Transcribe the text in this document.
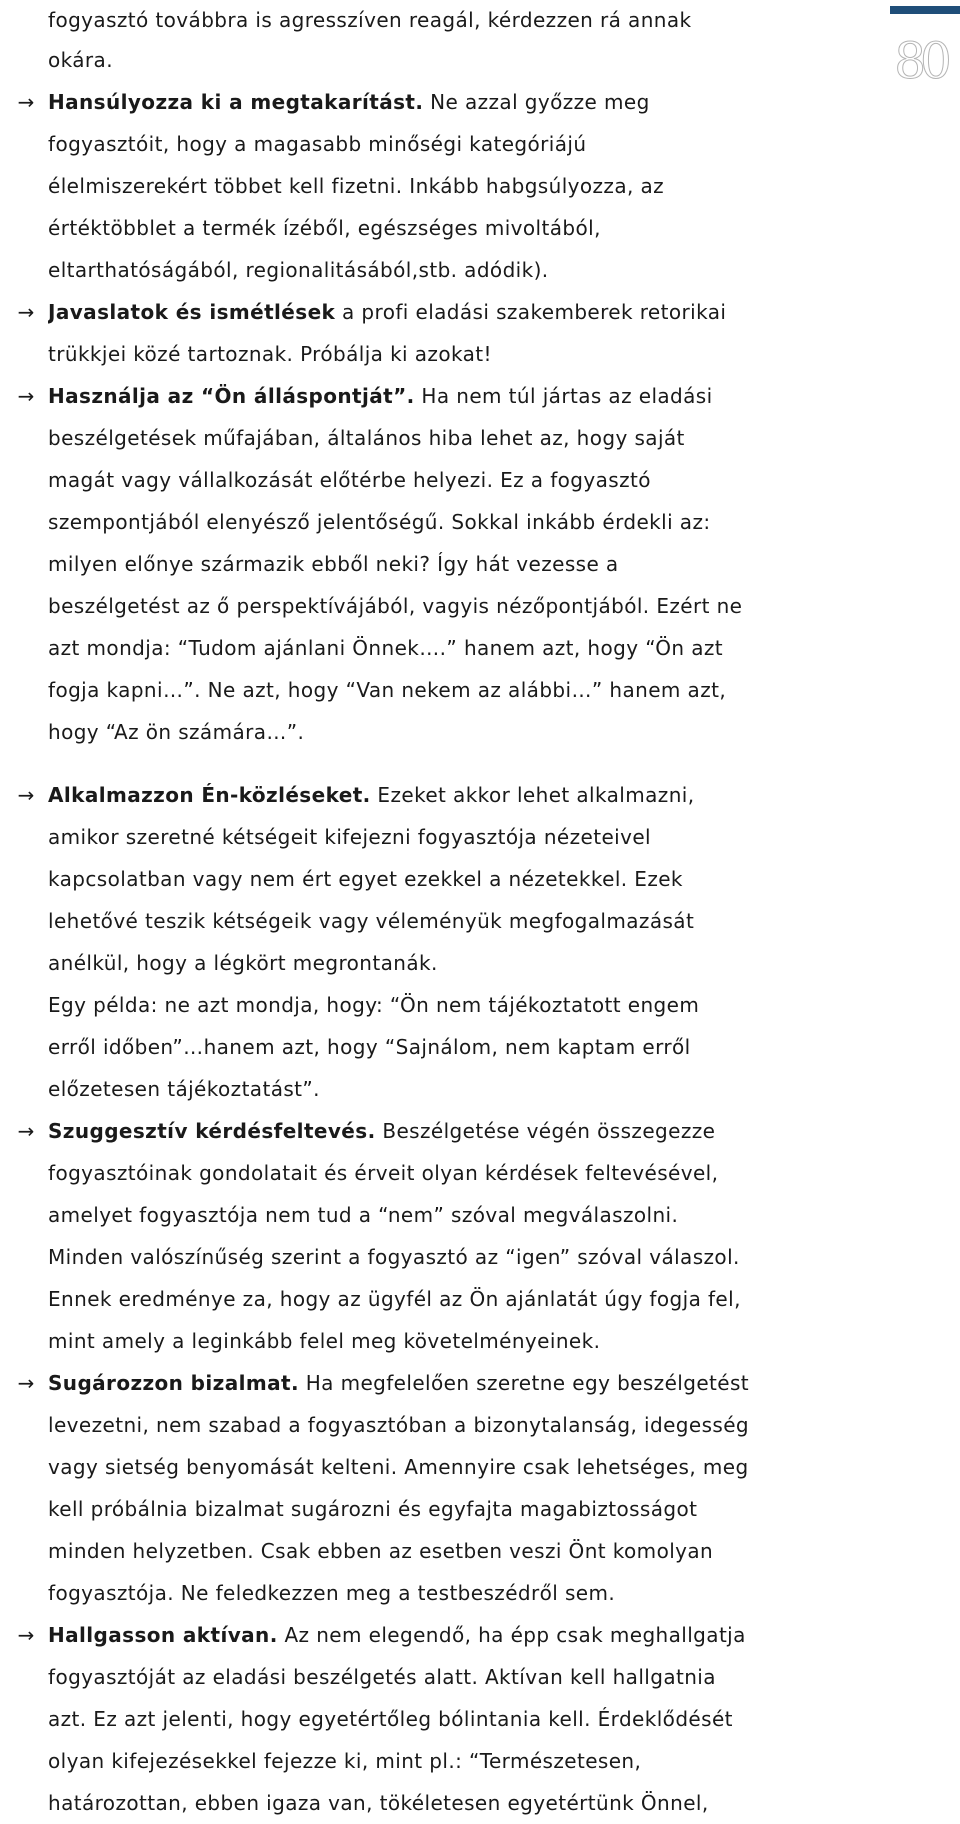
80
fogyasztó továbbra is agresszíven reagál, kérdezzen rá annak
okára.
→ Hansúlyozza ki a megtakarítást. Ne azzal győzze meg
fogyasztóit, hogy a magasabb minőségi kategóriájú
élelmiszerekért többet kell fizetni. Inkább habgsúlyozza, az
értéktöbblet a termék ízéből, egészséges mivoltából,
eltarthatóságából, regionalitásából,stb. adódik).
→ Javaslatok és ismétlések a profi eladási szakemberek retorikai
trükkjei közé tartoznak. Próbálja ki azokat!
→ Használja az “Ön álláspontját”. Ha nem túl jártas az eladási
beszélgetések műfajában, általános hiba lehet az, hogy saját
magát vagy vállalkozását előtérbe helyezi. Ez a fogyasztó
szempontjából elenyésző jelentőségű. Sokkal inkább érdekli az:
milyen előnye származik ebből neki? Így hát vezesse a
beszélgetést az ő perspektívájából, vagyis nézőpontjából. Ezért ne
azt mondja: “Tudom ajánlani Önnek….” hanem azt, hogy “Ön azt
fogja kapni…”. Ne azt, hogy “Van nekem az alábbi…” hanem azt,
hogy “Az ön számára…”.
→ Alkalmazzon Én-közléseket. Ezeket akkor lehet alkalmazni,
amikor szeretné kétségeit kifejezni fogyasztója nézeteivel
kapcsolatban vagy nem ért egyet ezekkel a nézetekkel. Ezek
lehetővé teszik kétségeik vagy véleményük megfogalmazását
anélkül, hogy a légkört megrontanák.
Egy példa: ne azt mondja, hogy: “Ön nem tájékoztatott engem
erről időben”…hanem azt, hogy “Sajnálom, nem kaptam erről
előzetesen tájékoztatást”.
→ Szuggesztív kérdésfeltevés. Beszélgetése végén összegezze
fogyasztóinak gondolatait és érveit olyan kérdések feltevésével,
amelyet fogyasztója nem tud a “nem” szóval megválaszolni.
Minden valószínűség szerint a fogyasztó az “igen” szóval válaszol.
Ennek eredménye za, hogy az ügyfél az Ön ajánlatát úgy fogja fel,
mint amely a leginkább felel meg követelményeinek.
→ Sugározzon bizalmat. Ha megfelelően szeretne egy beszélgetést
levezetni, nem szabad a fogyasztóban a bizonytalanság, idegesség
vagy sietség benyomását kelteni. Amennyire csak lehetséges, meg
kell próbálnia bizalmat sugározni és egyfajta magabiztosságot
minden helyzetben. Csak ebben az esetben veszi Önt komolyan
fogyasztója. Ne feledkezzen meg a testbeszédről sem.
→ Hallgasson aktívan. Az nem elegendő, ha épp csak meghallgatja
fogyasztóját az eladási beszélgetés alatt. Aktívan kell hallgatnia
azt. Ez azt jelenti, hogy egyetértőleg bólintania kell. Érdeklődését
olyan kifejezésekkel fejezze ki, mint pl.: “Természetesen,
határozottan, ebben igaza van, tökéletesen egyetértünk Önnel,
